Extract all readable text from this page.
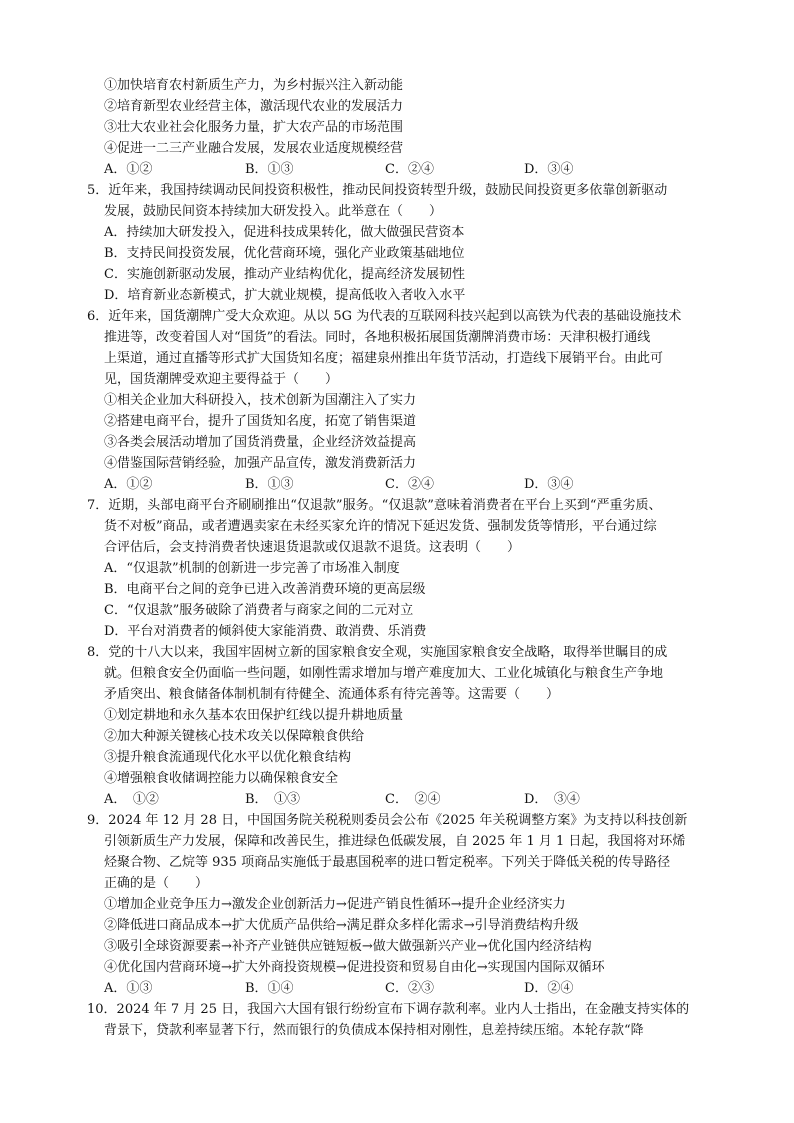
①加快培育农村新质生产力，为乡村振兴注入新动能
②培育新型农业经营主体，激活现代农业的发展活力
③壮大农业社会化服务力量，扩大农产品的市场范围
④促进一二三产业融合发展，发展农业适度规模经营
A．①②	B．①③	C．②④	D．③④
5．近年来，我国持续调动民间投资积极性，推动民间投资转型升级，鼓励民间投资更多依靠创新驱动
发展，鼓励民间资本持续加大研发投入。此举意在（　　）
A．持续加大研发投入，促进科技成果转化，做大做强民营资本
B．支持民间投资发展，优化营商环境，强化产业政策基础地位
C．实施创新驱动发展，推动产业结构优化，提高经济发展韧性
D．培育新业态新模式，扩大就业规模，提高低收入者收入水平
6．近年来，国货潮牌广受大众欢迎。从以 5G 为代表的互联网科技兴起到以高铁为代表的基础设施技术
推进等，改变着国人对“国货”的看法。同时，各地积极拓展国货潮牌消费市场：天津积极打通线
上渠道，通过直播等形式扩大国货知名度；福建泉州推出年货节活动，打造线下展销平台。由此可
见，国货潮牌受欢迎主要得益于（　　）
①相关企业加大科研投入，技术创新为国潮注入了实力
②搭建电商平台，提升了国货知名度，拓宽了销售渠道
③各类会展活动增加了国货消费量，企业经济效益提高
④借鉴国际营销经验，加强产品宣传，激发消费新活力
A．①②	B．①③	C．②④	D．③④
7．近期，头部电商平台齐刷刷推出“仅退款”服务。“仅退款”意味着消费者在平台上买到“严重劣质、
货不对板”商品，或者遭遇卖家在未经买家允许的情况下延迟发货、强制发货等情形，平台通过综
合评估后，会支持消费者快速退货退款或仅退款不退货。这表明（　　）
A．“仅退款”机制的创新进一步完善了市场准入制度
B．电商平台之间的竞争已进入改善消费环境的更高层级
C．“仅退款”服务破除了消费者与商家之间的二元对立
D．平台对消费者的倾斜使大家能消费、敢消费、乐消费
8．党的十八大以来，我国牢固树立新的国家粮食安全观，实施国家粮食安全战略，取得举世瞩目的成
就。但粮食安全仍面临一些问题，如刚性需求增加与增产难度加大、工业化城镇化与粮食生产争地
矛盾突出、粮食储备体制机制有待健全、流通体系有待完善等。这需要（　　）
①划定耕地和永久基本农田保护红线以提升耕地质量
②加大种源关键核心技术攻关以保障粮食供给
③提升粮食流通现代化水平以优化粮食结构
④增强粮食收储调控能力以确保粮食安全
A．　①②	B．　①③	C．　②④	D．　③④
9．2024 年 12 月 28 日，中国国务院关税税则委员会公布《2025 年关税调整方案》为支持以科技创新
引领新质生产力发展，保障和改善民生，推进绿色低碳发展，自 2025 年 1 月 1 日起，我国将对环烯
烃聚合物、乙烷等 935 项商品实施低于最惠国税率的进口暂定税率。下列关于降低关税的传导路径
正确的是（　　）
①增加企业竞争压力→激发企业创新活力→促进产销良性循环→提升企业经济实力
②降低进口商品成本→扩大优质产品供给→满足群众多样化需求→引导消费结构升级
③吸引全球资源要素→补齐产业链供应链短板→做大做强新兴产业→优化国内经济结构
④优化国内营商环境→扩大外商投资规模→促进投资和贸易自由化→实现国内国际双循环
A．①③	B．①④	C．②③	D．②④
10．2024 年 7 月 25 日，我国六大国有银行纷纷宣布下调存款利率。业内人士指出，在金融支持实体的
背景下，贷款利率显著下行，然而银行的负债成本保持相对刚性，息差持续压缩。本轮存款“降
